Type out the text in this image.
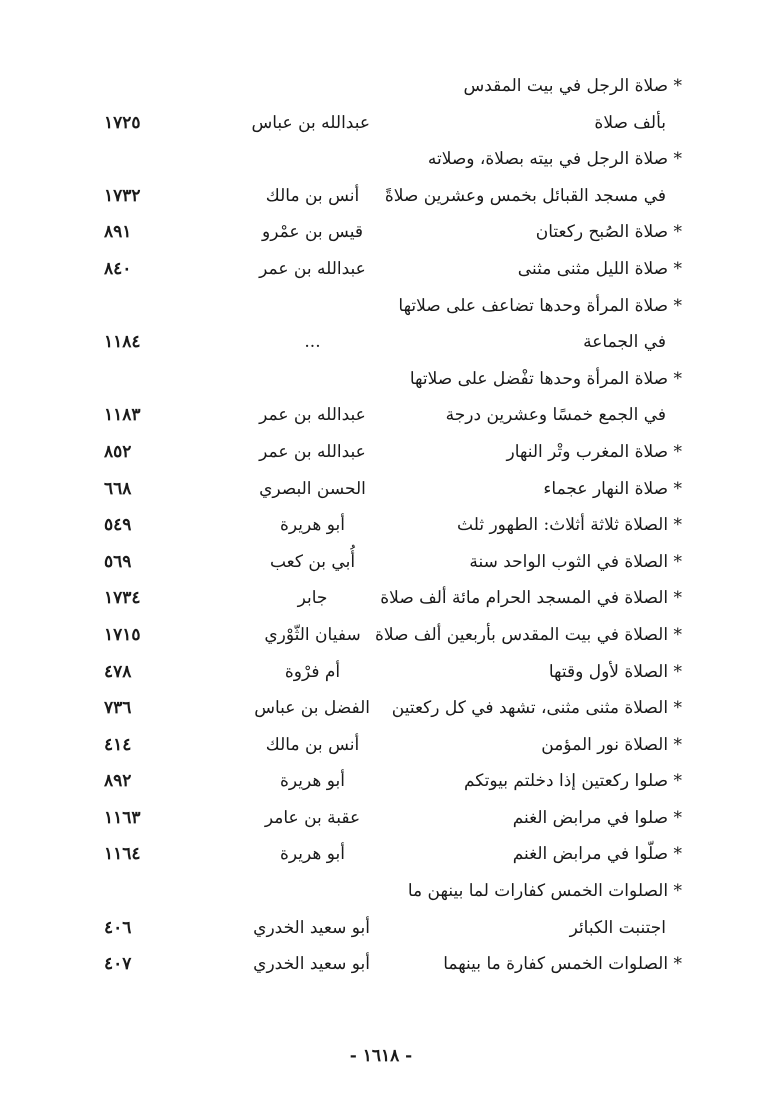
* صلاة الرجل في بيت المقدس
بألف صلاة
عبدالله بن عباس
١٧٢٥
* صلاة الرجل في بيته بصلاة، وصلاته
في مسجد القبائل بخمس وعشرين صلاةً
أنس بن مالك
١٧٣٢
* صلاة الصُبح ركعتان
قيس بن عمْرو
٨٩١
* صلاة الليل مثنى مثنى
عبدالله بن عمر
٨٤٠
* صلاة المرأة وحدها تضاعف على صلاتها
في الجماعة
...
١١٨٤
* صلاة المرأة وحدها تفْضل على صلاتها
في الجمع خمسًا وعشرين درجة
عبدالله بن عمر
١١٨٣
* صلاة المغرب وتْر النهار
عبدالله بن عمر
٨٥٢
* صلاة النهار عجماء
الحسن البصري
٦٦٨
* الصلاة ثلاثة أثلاث: الطهور ثلث
أبو هريرة
٥٤٩
* الصلاة في الثوب الواحد سنة
أُبي بن كعب
٥٦٩
* الصلاة في المسجد الحرام مائة ألف صلاة
جابر
١٧٣٤
* الصلاة في بيت المقدس بأربعين ألف صلاة
سفيان الثّوْري
١٧١٥
* الصلاة لأول وقتها
أم فرْوة
٤٧٨
* الصلاة مثنى مثنى، تشهد في كل ركعتين
الفضل بن عباس
٧٣٦
* الصلاة نور المؤمن
أنس بن مالك
٤١٤
* صلوا ركعتين إذا دخلتم بيوتكم
أبو هريرة
٨٩٢
* صلوا في مرابض الغنم
عقبة بن عامر
١١٦٣
* صلّوا في مرابض الغنم
أبو هريرة
١١٦٤
* الصلوات الخمس كفارات لما بينهن ما
اجتنبت الكبائر
أبو سعيد الخدري
٤٠٦
* الصلوات الخمس كفارة ما بينهما
أبو سعيد الخدري
٤٠٧
- ١٦١٨ -
